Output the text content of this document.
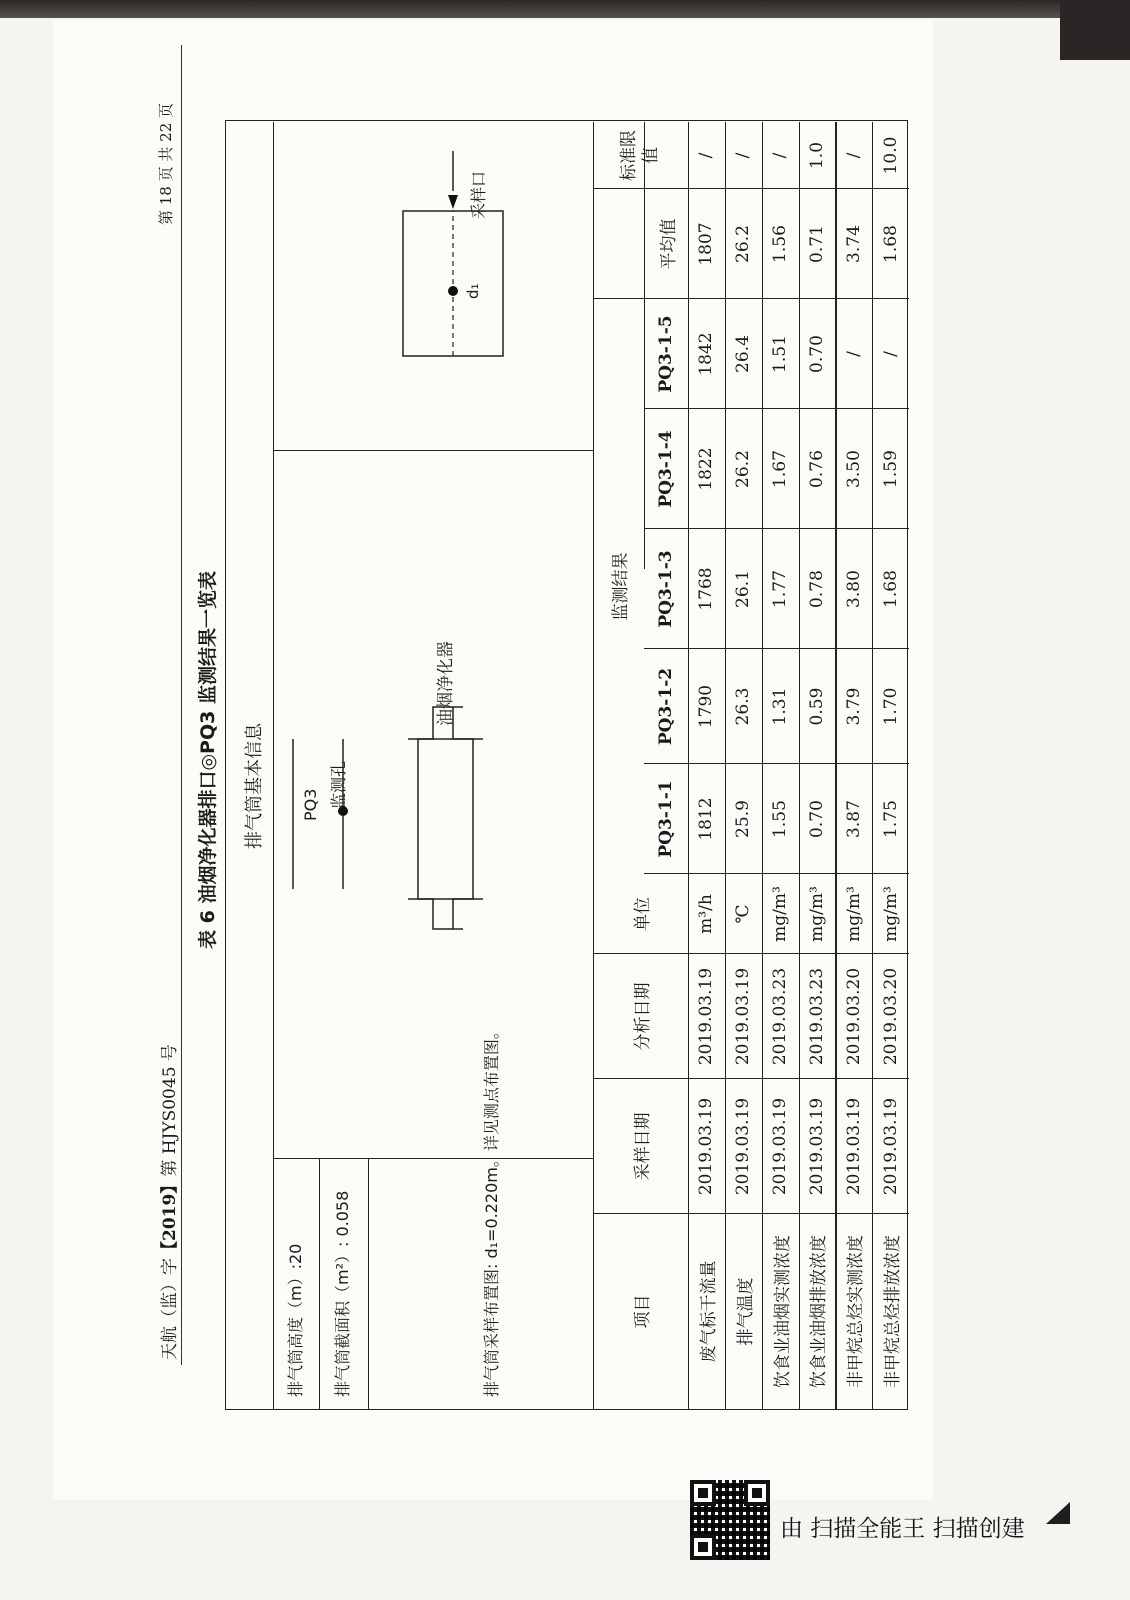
天航（监）字【2019】第 HJYS0045 号
第 18 页 共 22 页
表 6 油烟净化器排口◎PQ3 监测结果一览表
排气筒高度（m）:20 排气筒截面积（m²）: 0.058	排气筒采样布置图: d₁=0.220m。详见测点布置图。
排气筒基本信息	监测孔
PQ3
油烟净化器
采样口
d₁
项目
采样日期
分析日期
单位
监测结果
PQ3-1-1
PQ3-1-2
PQ3-1-3
PQ3-1-4
PQ3-1-5
平均值
标准限值
废气标干流量
2019.03.19
2019.03.19
m³/h
1812
1790
1768
1822
1842
1807
/
排气温度
2019.03.19
2019.03.19
℃
25.9
26.3
26.1
26.2
26.4
26.2
/
饮食业油烟实测浓度
2019.03.19
2019.03.23
mg/m³
1.55
1.31
1.77
1.67
1.51
1.56
/
饮食业油烟排放浓度
2019.03.19
2019.03.23
mg/m³
0.70
0.59
0.78
0.76
0.70
0.71
1.0
非甲烷总烃实测浓度
2019.03.19
2019.03.20
mg/m³
3.87
3.79
3.80
3.50
/
3.74
/
非甲烷总烃排放浓度
2019.03.19
2019.03.20
mg/m³
1.75
1.70
1.68
1.59
/
1.68
10.0
由 扫描全能王 扫描创建
